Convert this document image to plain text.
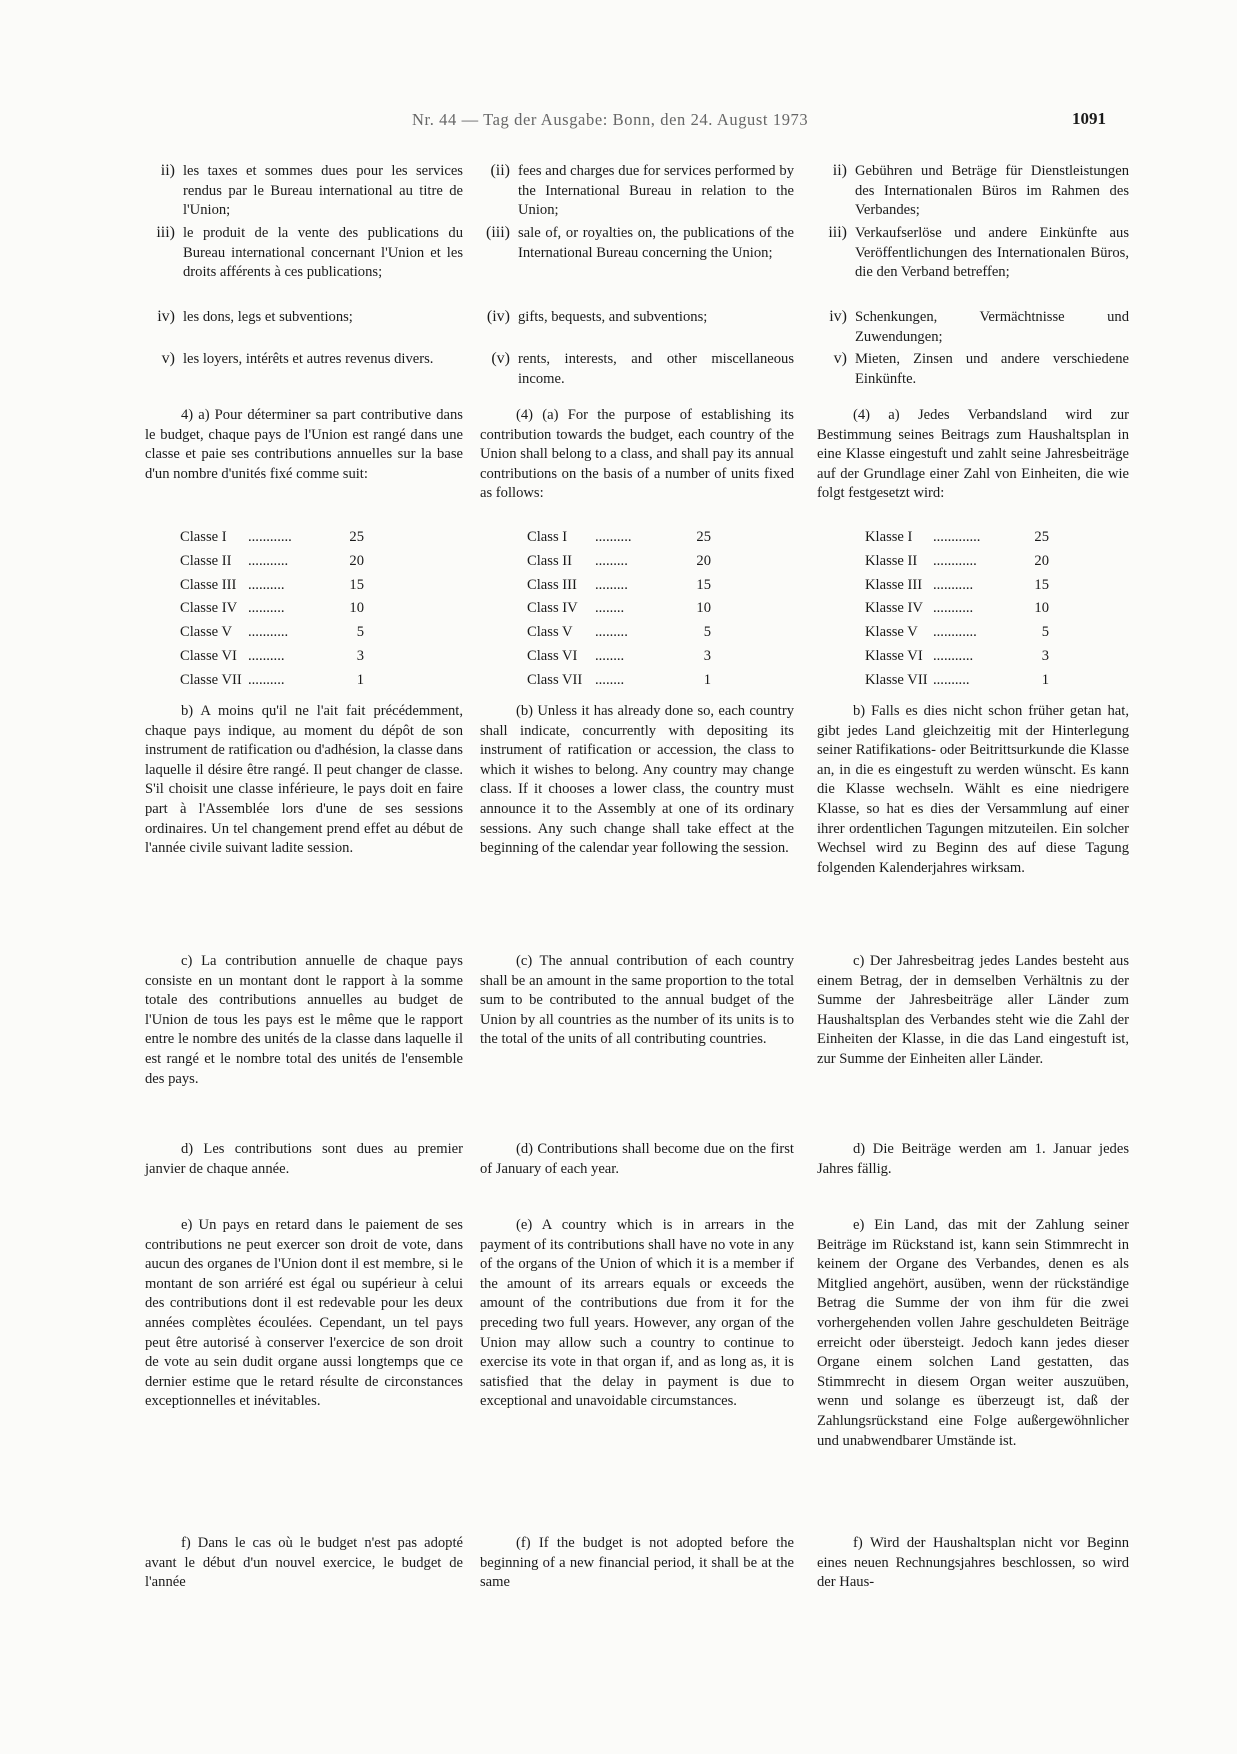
Nr. 44 — Tag der Ausgabe: Bonn, den 24. August 1973	1091
ii) les taxes et sommes dues pour les services rendus par le Bureau international au titre de l'Union;

iii) le produit de la vente des publications du Bureau international concernant l'Union et les droits afférents à ces publications;

iv) les dons, legs et subventions;

v) les loyers, intérêts et autres revenus divers.

4) a) Pour déterminer sa part contributive dans le budget, chaque pays de l'Union est rangé dans une classe et paie ses contributions annuelles sur la base d'un nombre d'unités fixé comme suit:

Classe I	............	25
Classe II	...........	20
Classe III	..........	15
Classe IV	..........	10
Classe V	...........	5
Classe VI	..........	3
Classe VII	..........	1

b) A moins qu'il ne l'ait fait précédemment, chaque pays indique, au moment du dépôt de son instrument de ratification ou d'adhésion, la classe dans laquelle il désire être rangé. Il peut changer de classe. S'il choisit une classe inférieure, le pays doit en faire part à l'Assemblée lors d'une de ses sessions ordinaires. Un tel changement prend effet au début de l'année civile suivant ladite session.

c) La contribution annuelle de chaque pays consiste en un montant dont le rapport à la somme totale des contributions annuelles au budget de l'Union de tous les pays est le même que le rapport entre le nombre des unités de la classe dans laquelle il est rangé et le nombre total des unités de l'ensemble des pays.

d) Les contributions sont dues au premier janvier de chaque année.

e) Un pays en retard dans le paiement de ses contributions ne peut exercer son droit de vote, dans aucun des organes de l'Union dont il est membre, si le montant de son arriéré est égal ou supérieur à celui des contributions dont il est redevable pour les deux années complètes écoulées. Cependant, un tel pays peut être autorisé à conserver l'exercice de son droit de vote au sein dudit organe aussi longtemps que ce dernier estime que le retard résulte de circonstances exceptionnelles et inévitables.

f) Dans le cas où le budget n'est pas adopté avant le début d'un nouvel exercice, le budget de l'année

(ii) fees and charges due for services performed by the International Bureau in relation to the Union;

(iii) sale of, or royalties on, the publications of the International Bureau concerning the Union;

(iv) gifts, bequests, and subventions;

(v) rents, interests, and other miscellaneous income.

(4) (a) For the purpose of establishing its contribution towards the budget, each country of the Union shall belong to a class, and shall pay its annual contributions on the basis of a number of units fixed as follows:

Class I	..........	25
Class II	.........	20
Class III	.........	15
Class IV	........	10
Class V	.........	5
Class VI	........	3
Class VII	........	1

(b) Unless it has already done so, each country shall indicate, concurrently with depositing its instrument of ratification or accession, the class to which it wishes to belong. Any country may change class. If it chooses a lower class, the country must announce it to the Assembly at one of its ordinary sessions. Any such change shall take effect at the beginning of the calendar year following the session.

(c) The annual contribution of each country shall be an amount in the same proportion to the total sum to be contributed to the annual budget of the Union by all countries as the number of its units is to the total of the units of all contributing countries.

(d) Contributions shall become due on the first of January of each year.

(e) A country which is in arrears in the payment of its contributions shall have no vote in any of the organs of the Union of which it is a member if the amount of its arrears equals or exceeds the amount of the contributions due from it for the preceding two full years. However, any organ of the Union may allow such a country to continue to exercise its vote in that organ if, and as long as, it is satisfied that the delay in payment is due to exceptional and unavoidable circumstances.

(f) If the budget is not adopted before the beginning of a new financial period, it shall be at the same

ii) Gebühren und Beträge für Dienstleistungen des Internationalen Büros im Rahmen des Verbandes;

iii) Verkaufserlöse und andere Einkünfte aus Veröffentlichungen des Internationalen Büros, die den Verband betreffen;

iv) Schenkungen, Vermächtnisse und Zuwendungen;

v) Mieten, Zinsen und andere verschiedene Einkünfte.

(4) a) Jedes Verbandsland wird zur Bestimmung seines Beitrags zum Haushaltsplan in eine Klasse eingestuft und zahlt seine Jahresbeiträge auf der Grundlage einer Zahl von Einheiten, die wie folgt festgesetzt wird:

Klasse I	.............	25
Klasse II	............	20
Klasse III	...........	15
Klasse IV	...........	10
Klasse V	............	5
Klasse VI	...........	3
Klasse VII	..........	1

b) Falls es dies nicht schon früher getan hat, gibt jedes Land gleichzeitig mit der Hinterlegung seiner Ratifikations- oder Beitrittsurkunde die Klasse an, in die es eingestuft zu werden wünscht. Es kann die Klasse wechseln. Wählt es eine niedrigere Klasse, so hat es dies der Versammlung auf einer ihrer ordentlichen Tagungen mitzuteilen. Ein solcher Wechsel wird zu Beginn des auf diese Tagung folgenden Kalenderjahres wirksam.

c) Der Jahresbeitrag jedes Landes besteht aus einem Betrag, der in demselben Verhältnis zu der Summe der Jahresbeiträge aller Länder zum Haushaltsplan des Verbandes steht wie die Zahl der Einheiten der Klasse, in die das Land eingestuft ist, zur Summe der Einheiten aller Länder.

d) Die Beiträge werden am 1. Januar jedes Jahres fällig.

e) Ein Land, das mit der Zahlung seiner Beiträge im Rückstand ist, kann sein Stimmrecht in keinem der Organe des Verbandes, denen es als Mitglied angehört, ausüben, wenn der rückständige Betrag die Summe der von ihm für die zwei vorhergehenden vollen Jahre geschuldeten Beiträge erreicht oder übersteigt. Jedoch kann jedes dieser Organe einem solchen Land gestatten, das Stimmrecht in diesem Organ weiter auszuüben, wenn und solange es überzeugt ist, daß der Zahlungsrückstand eine Folge außergewöhnlicher und unabwendbarer Umstände ist.

f) Wird der Haushaltsplan nicht vor Beginn eines neuen Rechnungsjahres beschlossen, so wird der Haus-
